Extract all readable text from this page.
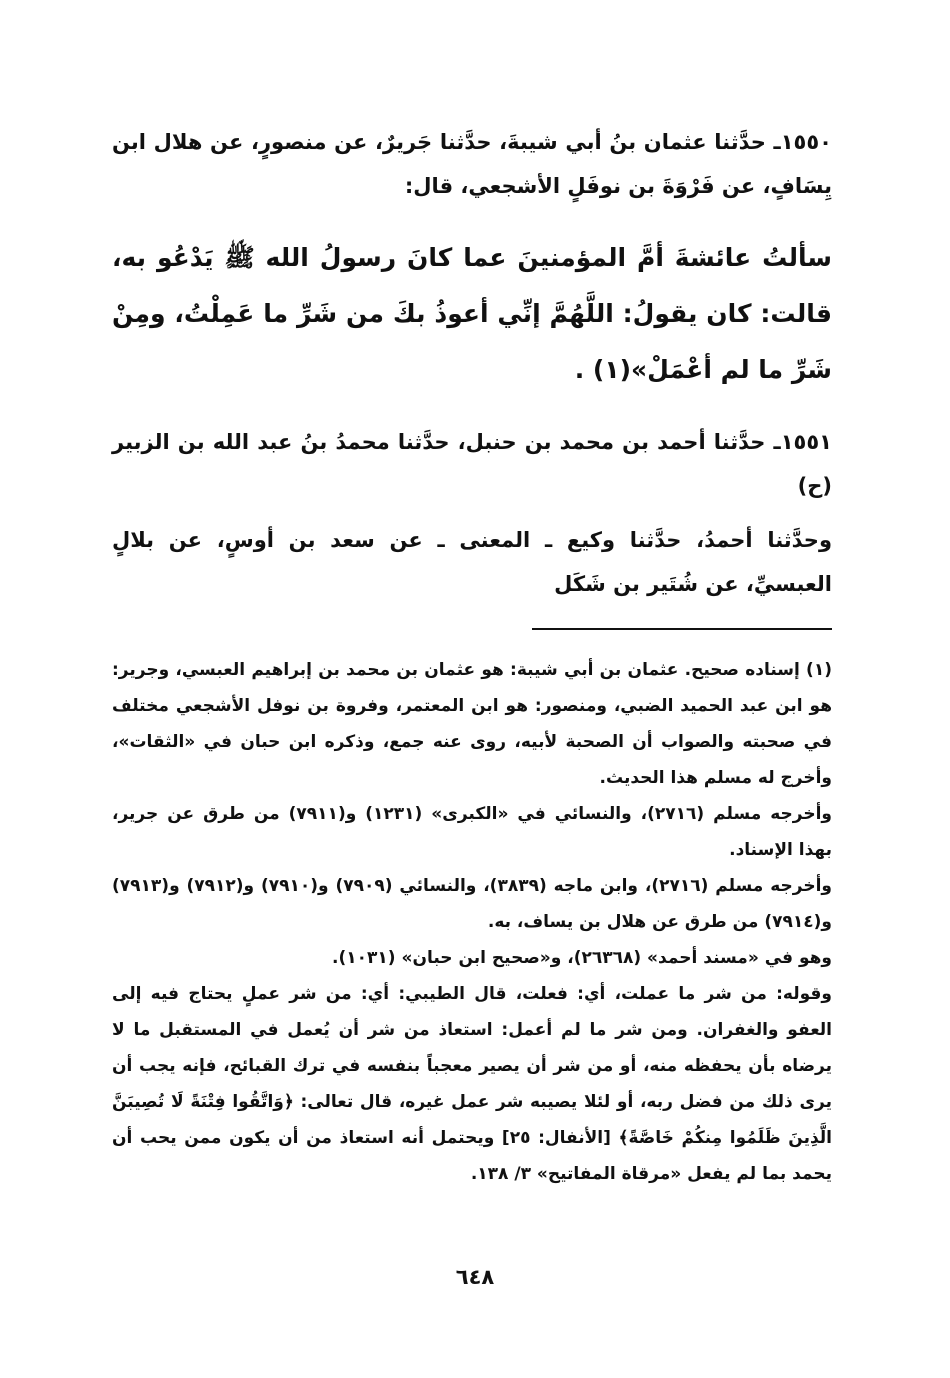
١٥٥٠ـ حدَّثنا عثمان بنُ أبي شيبةَ، حدَّثنا جَريرٌ، عن منصورٍ، عن هلال ابن يِسَافٍ، عن فَرْوَةَ بن نوفَلٍ الأشجعي، قال:

سألتُ عائشةَ أمَّ المؤمنينَ عما كانَ رسولُ الله ﷺ يَدْعُو به، قالت: كان يقولُ: اللَّهُمَّ إنِّي أعوذُ بكَ من شَرِّ ما عَمِلْتُ، ومِنْ شَرِّ ما لم أعْمَلْ»(١) .

١٥٥١ـ حدَّثنا أحمد بن محمد بن حنبل، حدَّثنا محمدُ بنُ عبد الله بن الزبير (ح)

وحدَّثنا أحمدُ، حدَّثنا وكيع ـ المعنى ـ عن سعد بن أوسٍ، عن بلالٍ العبسيِّ، عن شُتَير بن شَكَل

(١) إسناده صحيح. عثمان بن أبي شيبة: هو عثمان بن محمد بن إبراهيم العبسي، وجرير: هو ابن عبد الحميد الضبي، ومنصور: هو ابن المعتمر، وفروة بن نوفل الأشجعي مختلف في صحبته والصواب أن الصحبة لأبيه، روى عنه جمع، وذكره ابن حبان في «الثقات»، وأخرج له مسلم هذا الحديث.

وأخرجه مسلم (٢٧١٦)، والنسائي في «الكبرى» (١٢٣١) و(٧٩١١) من طرق عن جرير، بهذا الإسناد.

وأخرجه مسلم (٢٧١٦)، وابن ماجه (٣٨٣٩)، والنسائي (٧٩٠٩) و(٧٩١٠) و(٧٩١٢) و(٧٩١٣) و(٧٩١٤) من طرق عن هلال بن يساف، به.

وهو في «مسند أحمد» (٢٦٣٦٨)، و«صحيح ابن حبان» (١٠٣١).

وقوله: من شر ما عملت، أي: فعلت، قال الطيبي: أي: من شر عملٍ يحتاج فيه إلى العفو والغفران. ومن شر ما لم أعمل: استعاذ من شر أن يُعمل في المستقبل ما لا يرضاه بأن يحفظه منه، أو من شر أن يصير معجباً بنفسه في ترك القبائح، فإنه يجب أن يرى ذلك من فضل ربه، أو لئلا يصيبه شر عمل غيره، قال تعالى: ﴿وَاتَّقُوا فِتْنَةً لَا تُصِيبَنَّ الَّذِينَ ظَلَمُوا مِنكُمْ خَاصَّةً﴾ [الأنفال: ٢٥] ويحتمل أنه استعاذ من أن يكون ممن يحب أن يحمد بما لم يفعل «مرقاة المفاتيح» ٣/ ١٣٨.

٦٤٨
